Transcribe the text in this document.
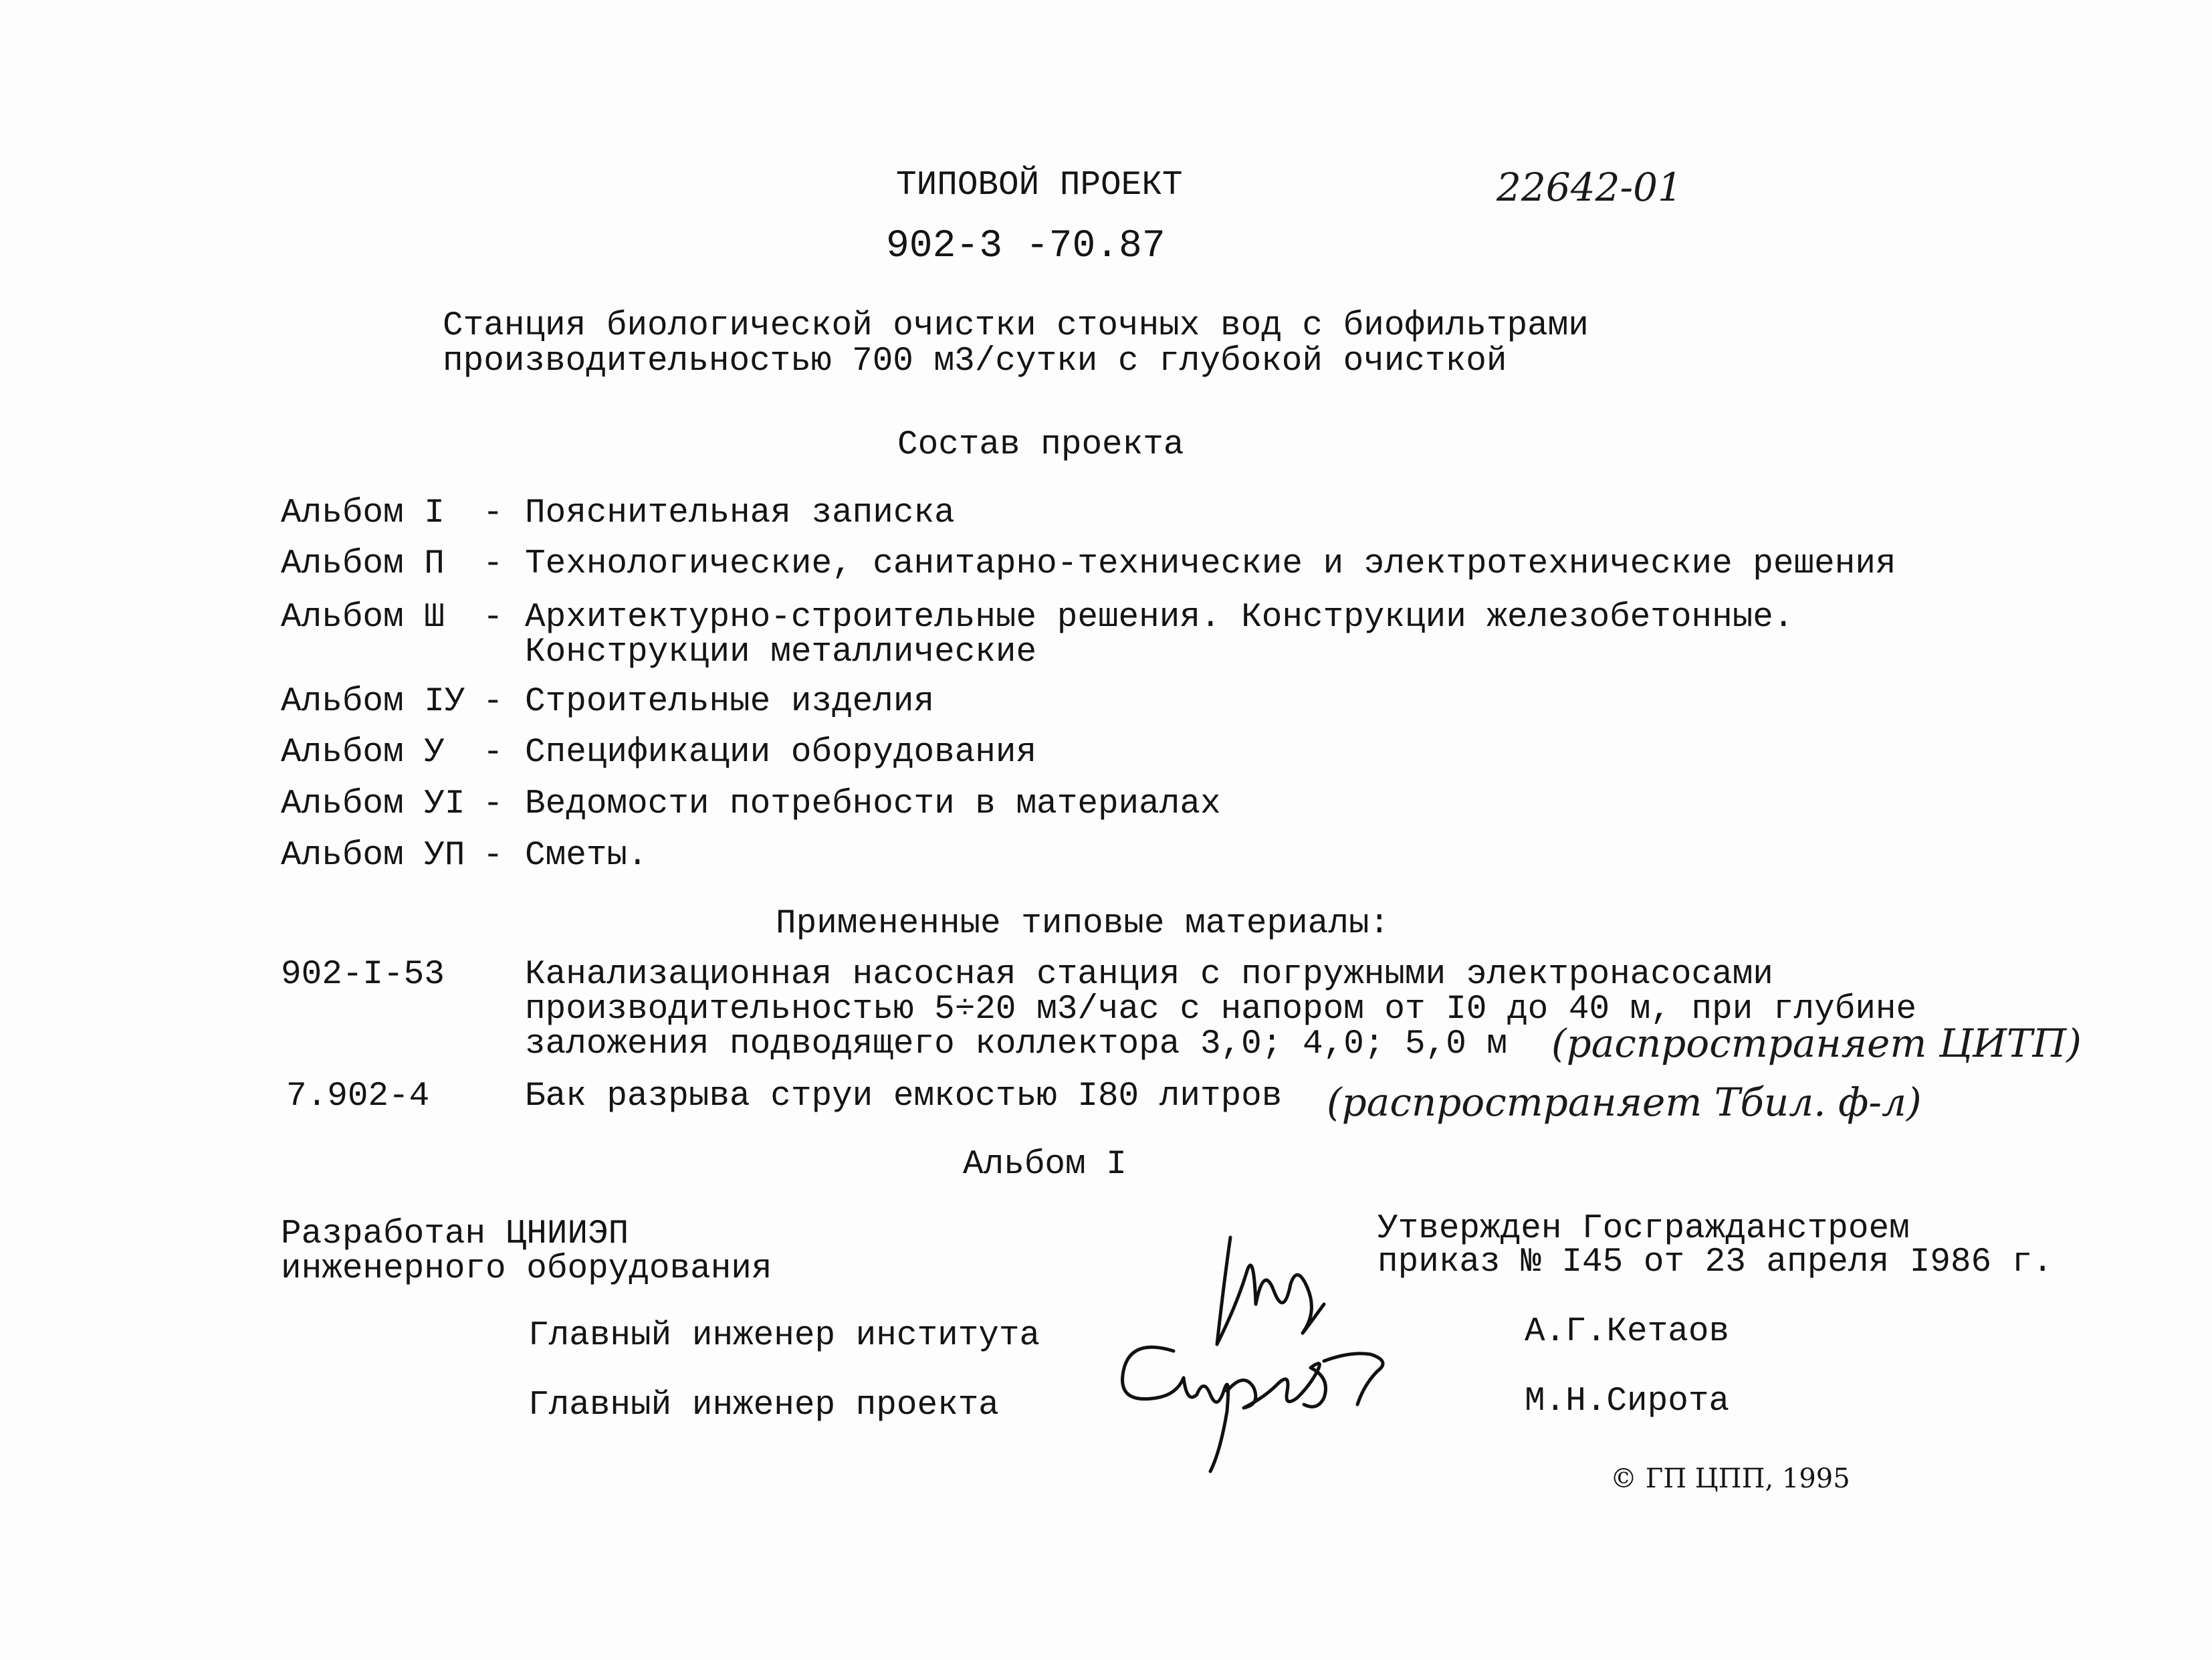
ТИПОВОЙ ПРОЕКТ	22642-01
902-3 -70.87
Станция биологической очистки сточных вод с биофильтрами
производительностью 700 м3/сутки с глубокой очисткой
Состав проекта
Альбом I - Пояснительная записка
Альбом П - Технологические, санитарно-технические и электротехнические решения
Альбом Ш - Архитектурно-строительные решения. Конструкции железобетонные.
Конструкции металлические
Альбом IУ - Строительные изделия
Альбом У - Спецификации оборудования
Альбом УI - Ведомости потребности в материалах
Альбом УП - Сметы.
Примененные типовые материалы:
902-I-53 Канализационная насосная станция с погружными электронасосами
производительностью 5÷20 м3/час с напором от I0 до 40 м, при глубине
заложения подводящего коллектора 3,0; 4,0; 5,0 м (распространяет ЦИТП)
7.902-4	Бак разрыва струи емкостью I80 литров (распространяет Тбил. ф-л)
Альбом I
Разработан ЦНИИЭП
инженерного оборудования
Утвержден Госгражданстроем
приказ № I45 от 23 апреля I986 г.
Главный инженер института	А.Г.Кетаов
Главный инженер проекта	М.Н.Сирота
© ГП ЦПП, 1995
